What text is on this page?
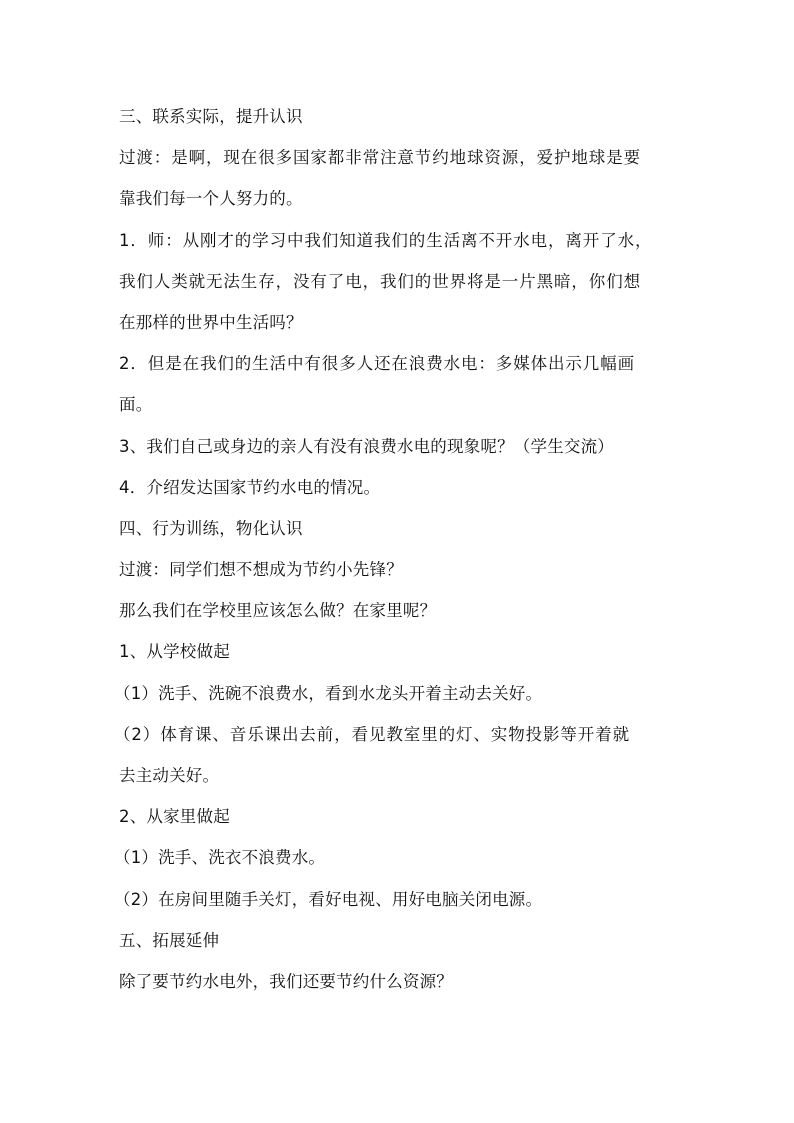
三、联系实际，提升认识
过渡：是啊，现在很多国家都非常注意节约地球资源，爱护地球是要
靠我们每一个人努力的。
1．师：从刚才的学习中我们知道我们的生活离不开水电，离开了水，
我们人类就无法生存，没有了电，我们的世界将是一片黑暗，你们想
在那样的世界中生活吗？
2．但是在我们的生活中有很多人还在浪费水电：多媒体出示几幅画
面。
3、我们自己或身边的亲人有没有浪费水电的现象呢？（学生交流）
4．介绍发达国家节约水电的情况。
四、行为训练，物化认识
过渡：同学们想不想成为节约小先锋？
那么我们在学校里应该怎么做？在家里呢？
1、从学校做起
（1）洗手、洗碗不浪费水，看到水龙头开着主动去关好。
（2）体育课、音乐课出去前，看见教室里的灯、实物投影等开着就
去主动关好。
2、从家里做起
（1）洗手、洗衣不浪费水。
（2）在房间里随手关灯，看好电视、用好电脑关闭电源。
五、拓展延伸
除了要节约水电外，我们还要节约什么资源？
